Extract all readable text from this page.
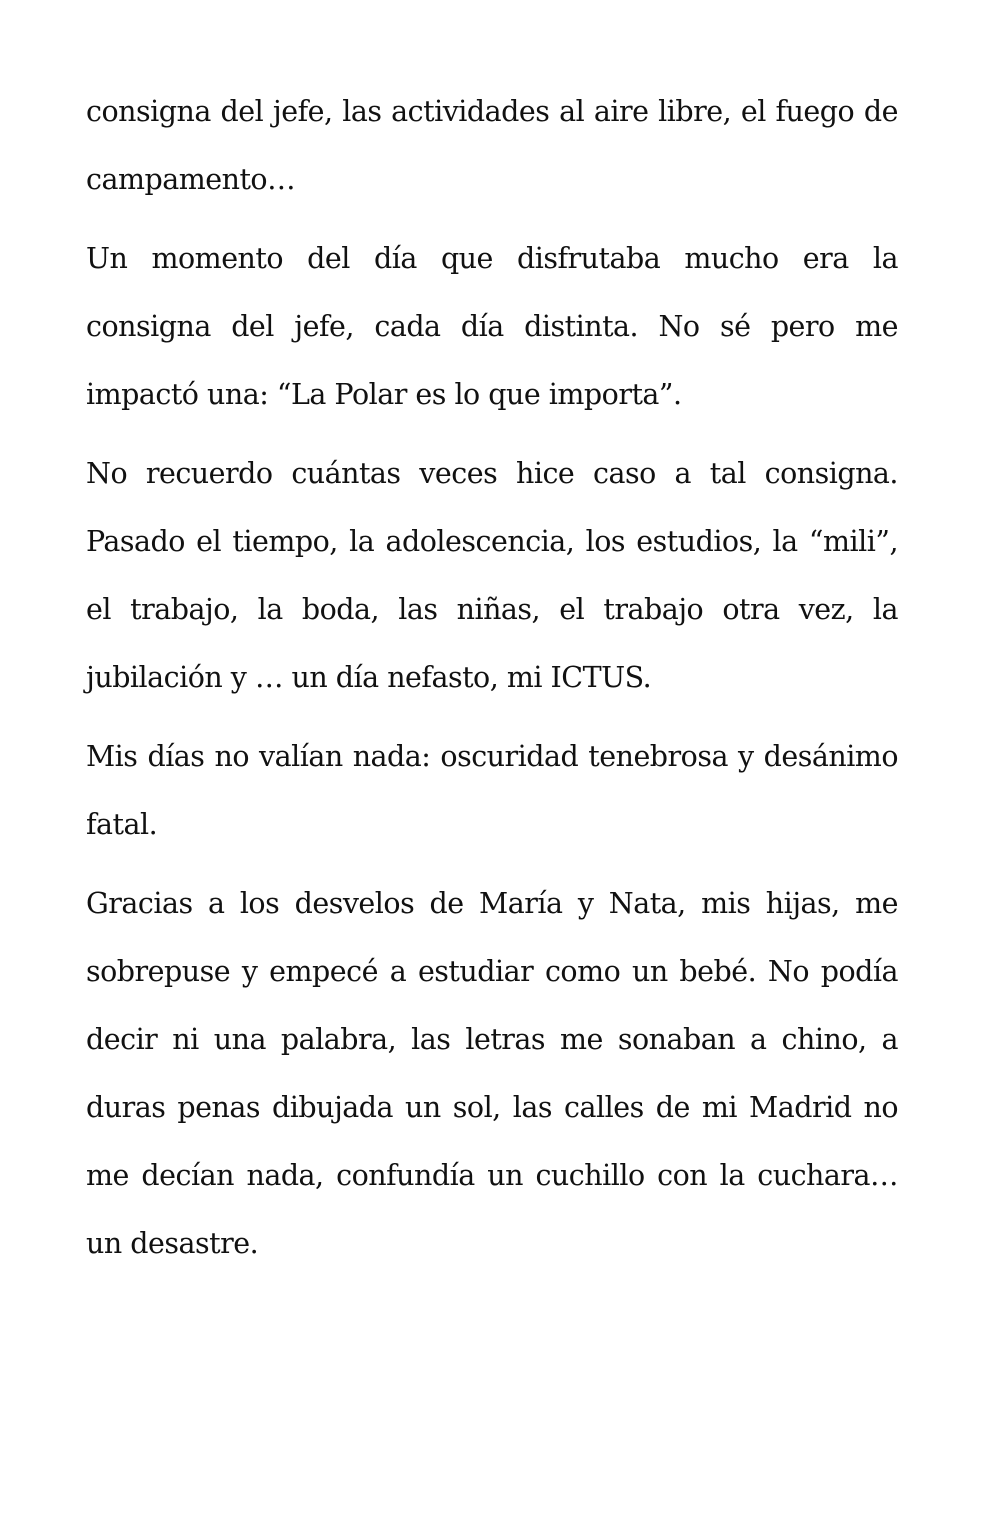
consigna del jefe, las actividades al aire libre, el fuego de campamento…

Un momento del día que disfrutaba mucho era la consigna del jefe, cada día distinta. No sé pero me impactó una: “La Polar es lo que importa”.

No recuerdo cuántas veces hice caso a tal consigna. Pasado el tiempo, la adolescencia, los estudios, la “mili”, el trabajo, la boda, las niñas, el trabajo otra vez, la jubilación y … un día nefasto, mi ICTUS.

Mis días no valían nada: oscuridad tenebrosa y desánimo fatal.

Gracias a los desvelos de María y Nata, mis hijas, me sobrepuse y empecé a estudiar como un bebé. No podía decir ni una palabra, las letras me sonaban a chino, a duras penas dibujada un sol, las calles de mi Madrid no me decían nada, confundía un cuchillo con la cuchara… un desastre.
